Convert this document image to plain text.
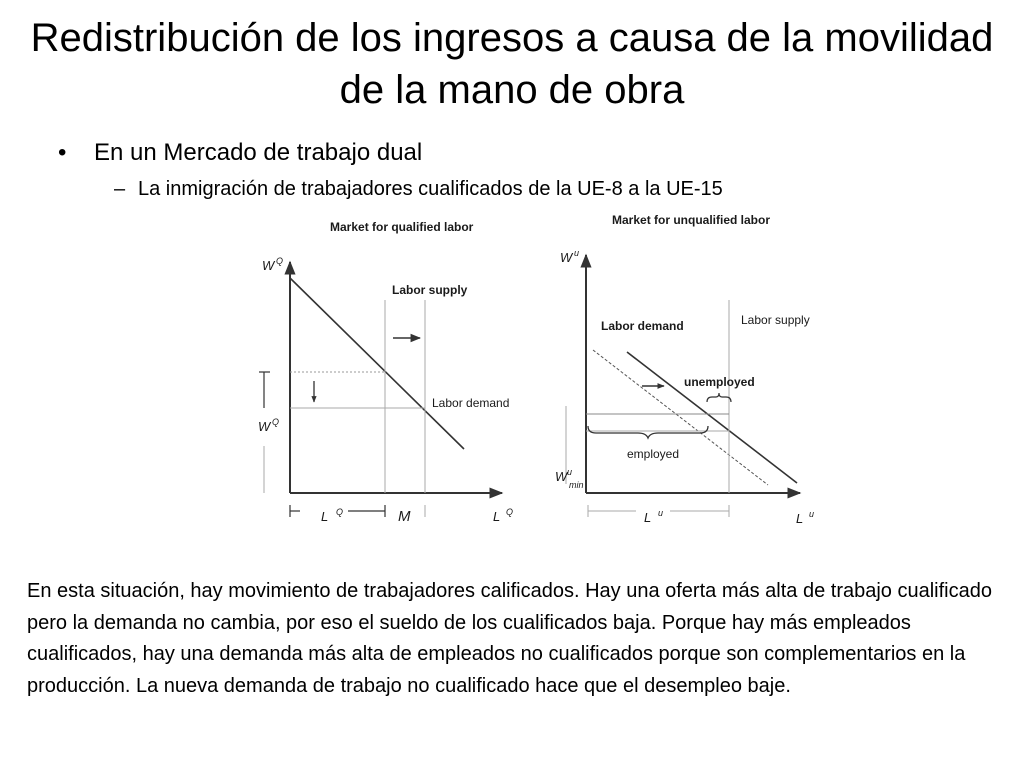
Redistribución de los ingresos a causa de la movilidad de la mano de obra
• En un Mercado de trabajo dual
– La inmigración de trabajadores cualificados de la UE-8 a la UE-15
Market for qualified labor
W Q
Labor demand
Labor supply
W Q
L Q	M	L Q
Market for unqualified labor
W u
Labor demand	Labor supply
unemployed
employed
W u
min
L u	L u

En esta situación, hay movimiento de trabajadores calificados. Hay una oferta más alta de trabajo cualificado pero la demanda no cambia, por eso el sueldo de los cualificados baja. Porque hay más empleados cualificados, hay una demanda más alta de empleados no cualificados porque son complementarios en la producción. La nueva demanda de trabajo no cualificado hace que el desempleo baje.
